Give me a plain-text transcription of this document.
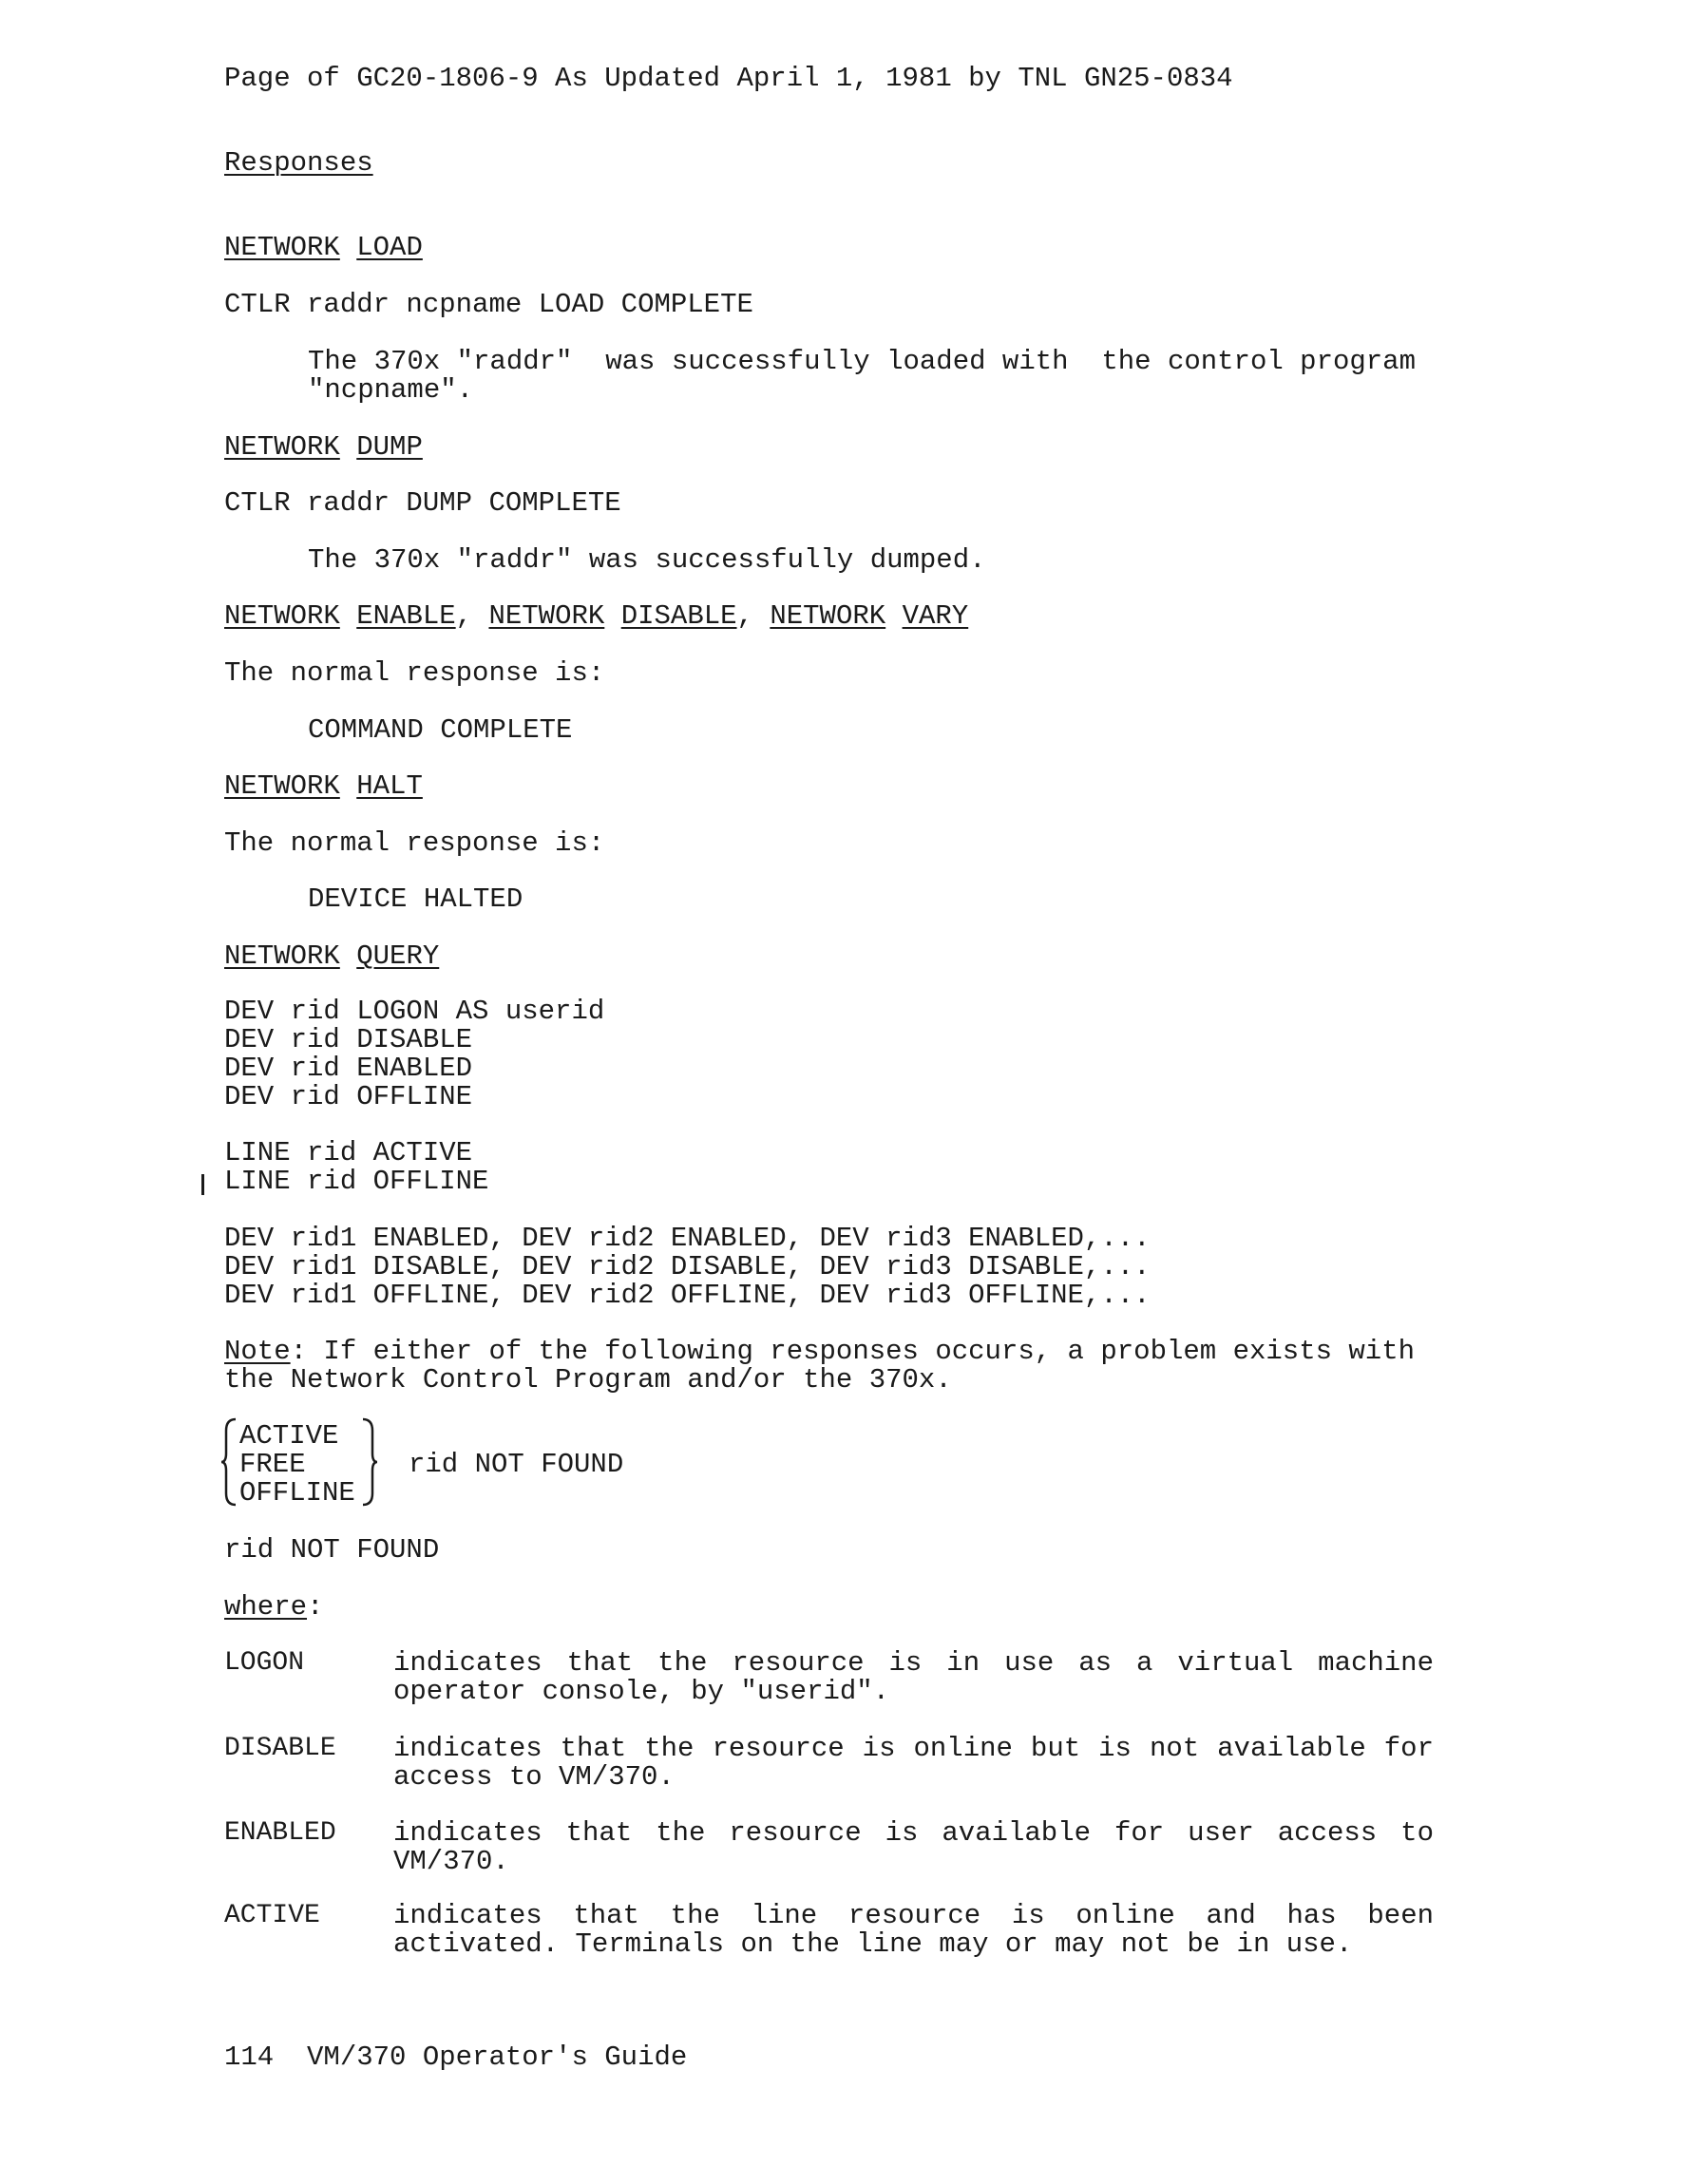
Page of GC20-1806-9 As Updated April 1, 1981 by TNL GN25-0834
Responses
NETWORK LOAD
CTLR raddr ncpname LOAD COMPLETE
The 370x "raddr"  was successfully loaded with  the control program
"ncpname".
NETWORK DUMP
CTLR raddr DUMP COMPLETE
The 370x "raddr" was successfully dumped.
NETWORK ENABLE, NETWORK DISABLE, NETWORK VARY
The normal response is:
COMMAND COMPLETE
NETWORK HALT
The normal response is:
DEVICE HALTED
NETWORK QUERY
DEV rid LOGON AS userid
DEV rid DISABLE
DEV rid ENABLED
DEV rid OFFLINE
LINE rid ACTIVE
LINE rid OFFLINE
DEV rid1 ENABLED, DEV rid2 ENABLED, DEV rid3 ENABLED,...
DEV rid1 DISABLE, DEV rid2 DISABLE, DEV rid3 DISABLE,...
DEV rid1 OFFLINE, DEV rid2 OFFLINE, DEV rid3 OFFLINE,...
Note: If either of the following responses occurs, a problem exists with
the Network Control Program and/or the 370x.
ACTIVE
FREE
OFFLINE
rid NOT FOUND
rid NOT FOUND
where:
LOGON	indicates that the resource is in use as a virtual machine operator console, by "userid".
DISABLE indicates that the resource is online but is not available for access to VM/370.
ENABLED indicates that the resource is available for user access to VM/370.
ACTIVE	indicates that the line resource is online and has been activated. Terminals on the line may or may not be in use.
114  VM/370 Operator's Guide
